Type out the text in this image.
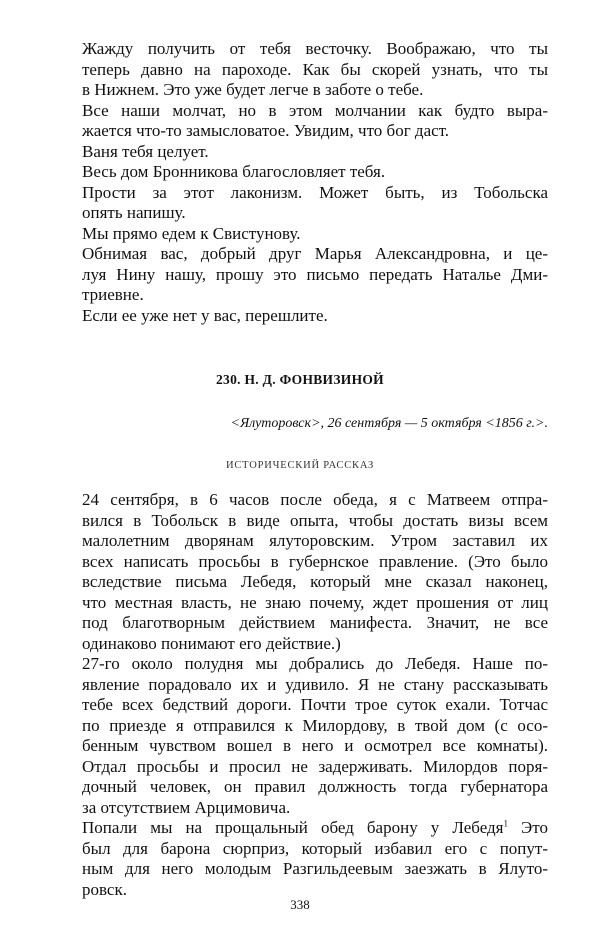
Жажду получить от тебя весточку. Воображаю, что ты
теперь давно на пароходе. Как бы скорей узнать, что ты
в Нижнем. Это уже будет легче в заботе о тебе.

Все наши молчат, но в этом молчании как будто выра-
жается что-то замысловатое. Увидим, что бог даст.

Ваня тебя целует.

Весь дом Бронникова благословляет тебя.

Прости за этот лаконизм. Может быть, из Тобольска
опять напишу.

Мы прямо едем к Свистунову.

Обнимая вас, добрый друг Марья Александровна, и це-
луя Нину нашу, прошу это письмо передать Наталье Дми-
триевне.

Если ее уже нет у вас, перешлите.

230. Н. Д. ФОНВИЗИНОЙ
<Ялуторовск>, 26 сентября — 5 октября <1856 г.>.
ИСТОРИЧЕСКИЙ РАССКАЗ

24 сентября, в 6 часов после обеда, я с Матвеем отпра-
вился в Тобольск в виде опыта, чтобы достать визы всем
малолетним дворянам ялуторовским. Утром заставил их
всех написать просьбы в губернское правление. (Это было
вследствие письма Лебедя, который мне сказал наконец,
что местная власть, не знаю почему, ждет прошения от лиц
под благотворным действием манифеста. Значит, не все
одинаково понимают его действие.)

27-го около полудня мы добрались до Лебедя. Наше по-
явление порадовало их и удивило. Я не стану рассказывать
тебе всех бедствий дороги. Почти трое суток ехали. Тотчас
по приезде я отправился к Милордову, в твой дом (с осо-
бенным чувством вошел в него и осмотрел все комнаты).
Отдал просьбы и просил не задерживать. Милордов поря-
дочный человек, он правил должность тогда губернатора
за отсутствием Арцимовича.

Попали мы на прощальный обед барону у Лебедя$^1$ Это
был для барона сюрприз, который избавил его с попут-
ным для него молодым Разгильдеевым заезжать в Ялуто-
ровск.

338
